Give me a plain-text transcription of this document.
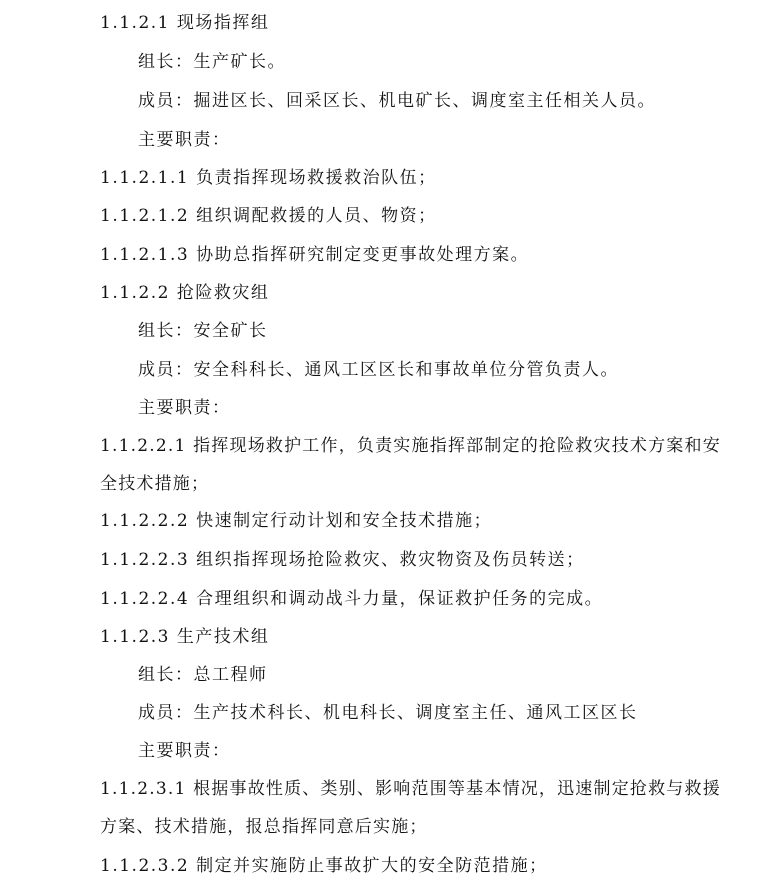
1.1.2.1 现场指挥组
组长：生产矿长。
成员：掘进区长、回采区长、机电矿长、调度室主任相关人员。
主要职责：
1.1.2.1.1 负责指挥现场救援救治队伍；
1.1.2.1.2 组织调配救援的人员、物资；
1.1.2.1.3 协助总指挥研究制定变更事故处理方案。
1.1.2.2 抢险救灾组
组长：安全矿长
成员：安全科科长、通风工区区长和事故单位分管负责人。
主要职责：
1.1.2.2.1 指挥现场救护工作，负责实施指挥部制定的抢险救灾技术方案和安全技术措施；
1.1.2.2.2 快速制定行动计划和安全技术措施；
1.1.2.2.3 组织指挥现场抢险救灾、救灾物资及伤员转送；
1.1.2.2.4 合理组织和调动战斗力量，保证救护任务的完成。
1.1.2.3 生产技术组
组长：总工程师
成员：生产技术科长、机电科长、调度室主任、通风工区区长
主要职责：
1.1.2.3.1 根据事故性质、类别、影响范围等基本情况，迅速制定抢救与救援方案、技术措施，报总指挥同意后实施；
1.1.2.3.2 制定并实施防止事故扩大的安全防范措施；
